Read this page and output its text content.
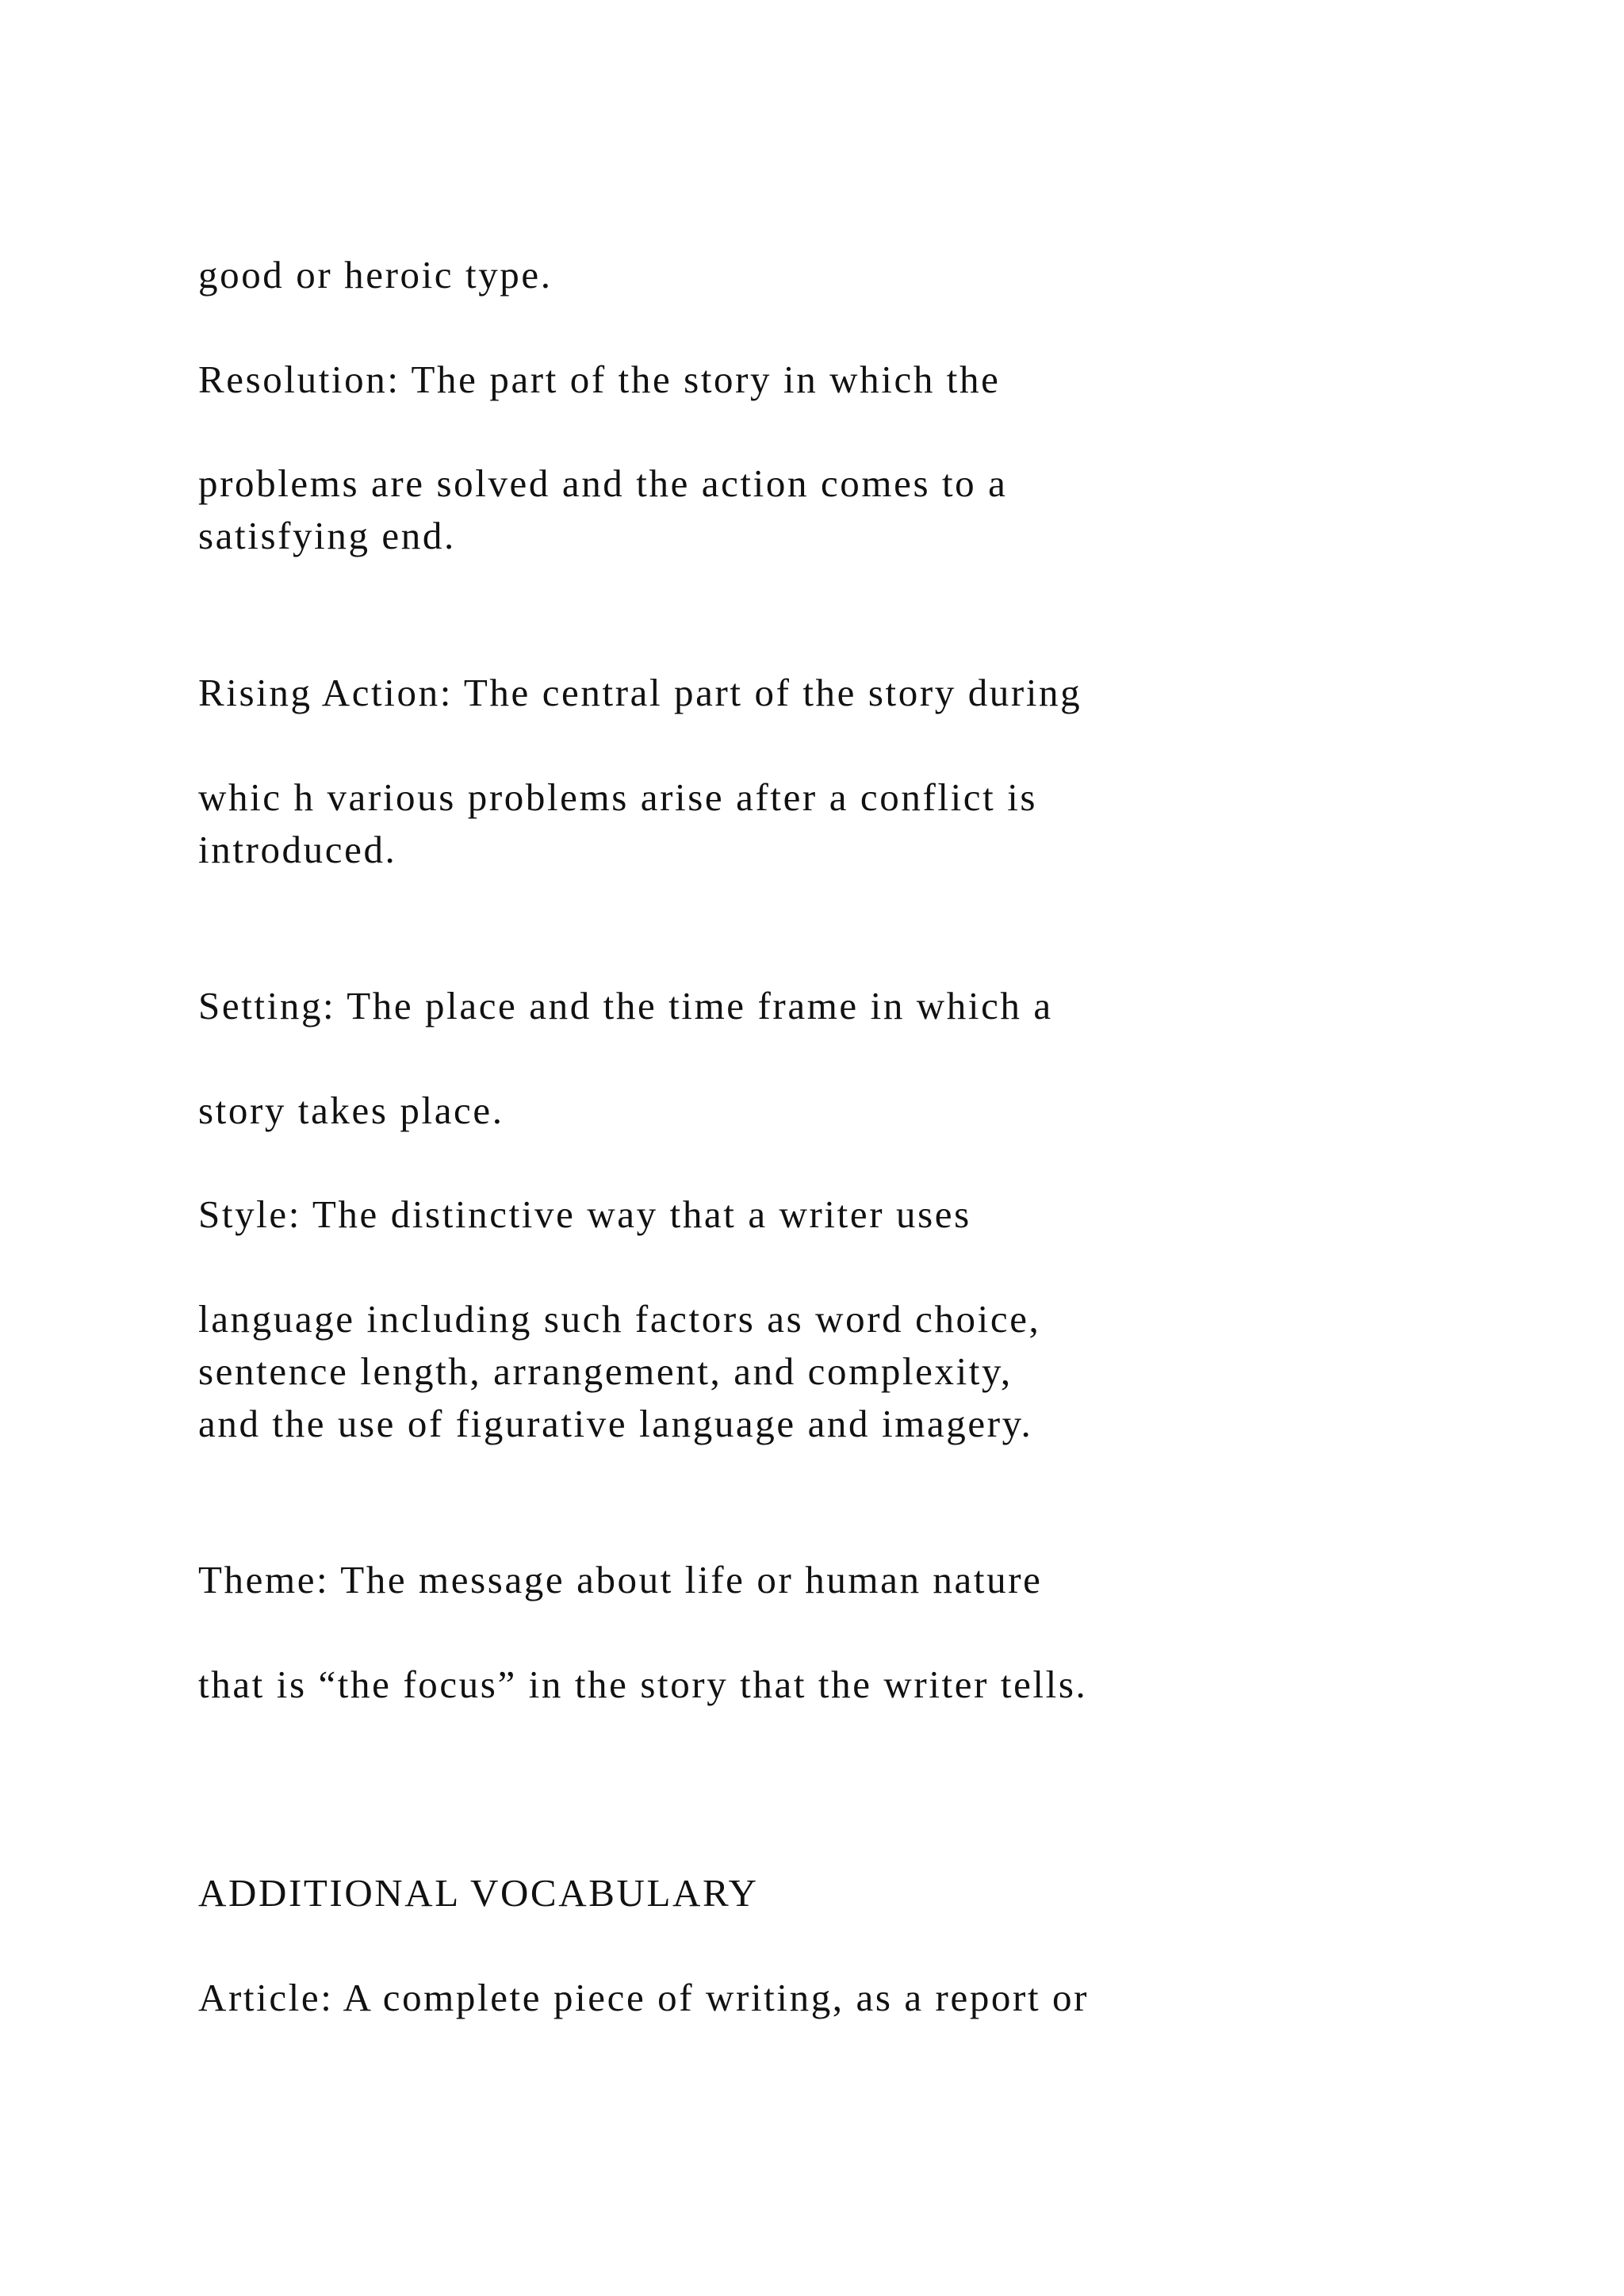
good or heroic type.

Resolution: The part of the story in which the

problems are solved and the action comes to a

satisfying end.

Rising Action: The central part of the story during

whic h various problems arise after a conflict is

introduced.

Setting: The place and the time frame in which a

story takes place.

Style: The distinctive way that a writer uses

language including such factors as word choice,

sentence length, arrangement, and complexity,

and the use of figurative language and imagery.

Theme: The message about life or human nature

that is “the focus” in the story that the writer tells.

ADDITIONAL VOCABULARY

Article: A complete piece of writing, as a report or
